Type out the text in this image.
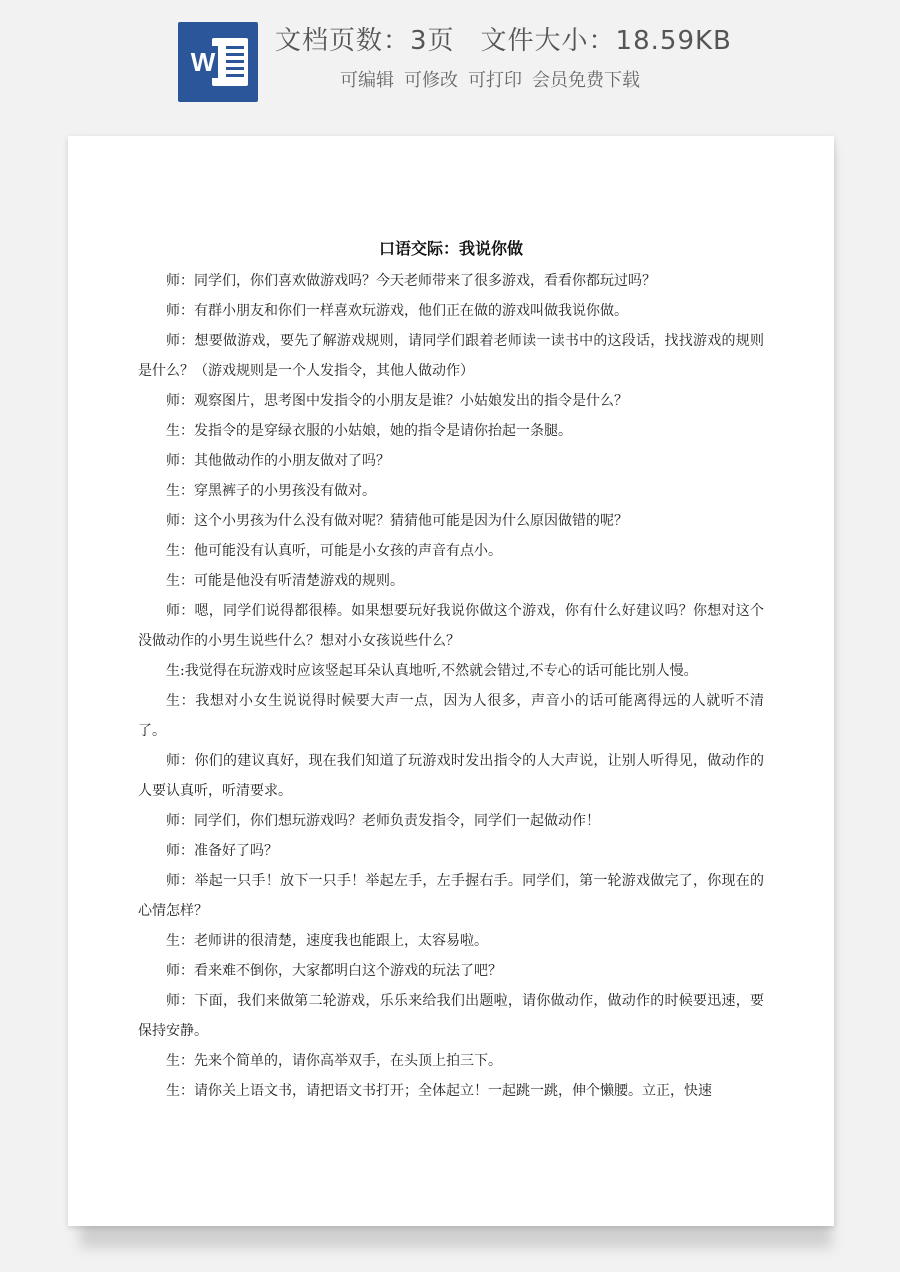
W
文档页数：3页 文件大小：18.59KB
可编辑 可修改 可打印 会员免费下载
口语交际：我说你做

师：同学们，你们喜欢做游戏吗？今天老师带来了很多游戏，看看你都玩过吗？

师：有群小朋友和你们一样喜欢玩游戏，他们正在做的游戏叫做我说你做。

师：想要做游戏，要先了解游戏规则，请同学们跟着老师读一读书中的这段话，找找游戏的规则是什么？（游戏规则是一个人发指令，其他人做动作）

师：观察图片，思考图中发指令的小朋友是谁？小姑娘发出的指令是什么？

生：发指令的是穿绿衣服的小姑娘，她的指令是请你抬起一条腿。

师：其他做动作的小朋友做对了吗？

生：穿黑裤子的小男孩没有做对。

师：这个小男孩为什么没有做对呢？猜猜他可能是因为什么原因做错的呢？

生：他可能没有认真听，可能是小女孩的声音有点小。

生：可能是他没有听清楚游戏的规则。

师：嗯，同学们说得都很棒。如果想要玩好我说你做这个游戏，你有什么好建议吗？你想对这个没做动作的小男生说些什么？想对小女孩说些什么？

生:我觉得在玩游戏时应该竖起耳朵认真地听,不然就会错过,不专心的话可能比别人慢。

生：我想对小女生说说得时候要大声一点，因为人很多，声音小的话可能离得远的人就听不清了。

师：你们的建议真好，现在我们知道了玩游戏时发出指令的人大声说，让别人听得见，做动作的人要认真听，听清要求。

师：同学们，你们想玩游戏吗？老师负责发指令，同学们一起做动作！

师：准备好了吗？

师：举起一只手！放下一只手！举起左手，左手握右手。同学们，第一轮游戏做完了，你现在的心情怎样？

生：老师讲的很清楚，速度我也能跟上，太容易啦。

师：看来难不倒你，大家都明白这个游戏的玩法了吧？

师：下面，我们来做第二轮游戏，乐乐来给我们出题啦，请你做动作，做动作的时候要迅速，要保持安静。

生：先来个简单的，请你高举双手，在头顶上拍三下。

生：请你关上语文书，请把语文书打开；全体起立！一起跳一跳，伸个懒腰。立正，快速
